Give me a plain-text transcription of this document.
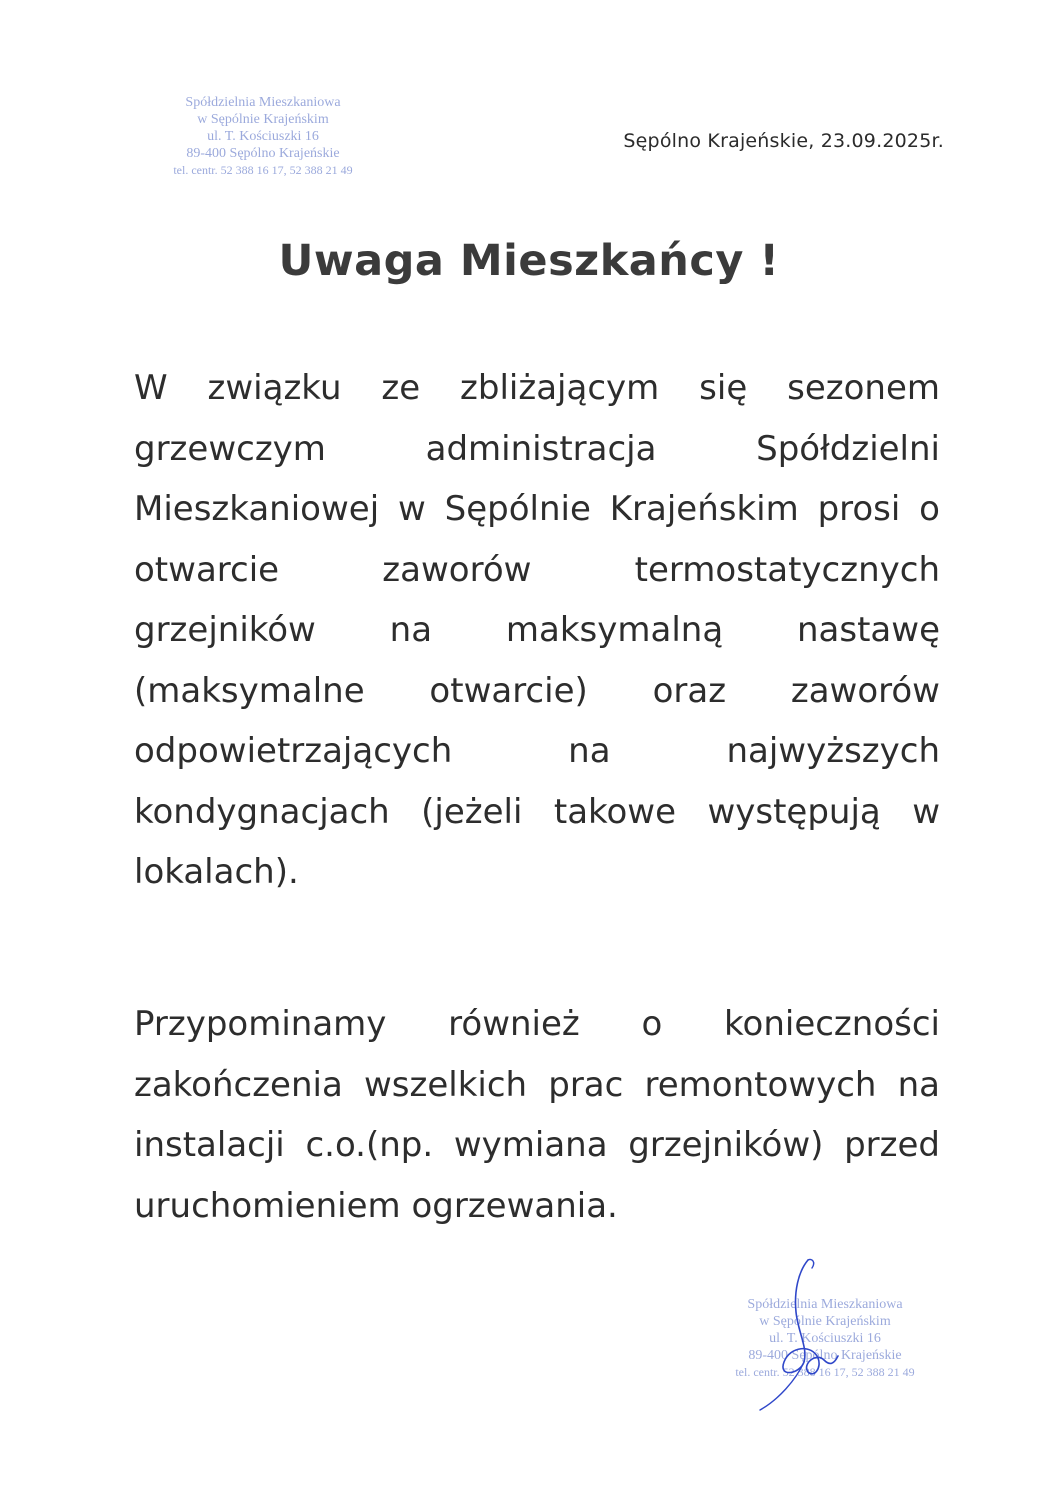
Spółdzielnia Mieszkaniowa
w Sępólnie Krajeńskim
ul. T. Kościuszki 16
89-400 Sępólno Krajeńskie
tel. centr. 52 388 16 17, 52 388 21 49
Sępólno Krajeńskie, 23.09.2025r.
Uwaga Mieszkańcy !
W związku ze zbliżającym się sezonem grzewczym administracja Spółdzielni Mieszkaniowej w Sępólnie Krajeńskim prosi o otwarcie zaworów termostatycznych grzejników na maksymalną nastawę (maksymalne otwarcie) oraz zaworów odpowietrzających na najwyższych kondygnacjach (jeżeli takowe występują w lokalach).
Przypominamy również o konieczności zakończenia wszelkich prac remontowych na instalacji c.o.(np. wymiana grzejników) przed uruchomieniem ogrzewania.
Spółdzielnia Mieszkaniowa
w Sępólnie Krajeńskim
ul. T. Kościuszki 16
89-400 Sępólno Krajeńskie
tel. centr. 52 388 16 17, 52 388 21 49
